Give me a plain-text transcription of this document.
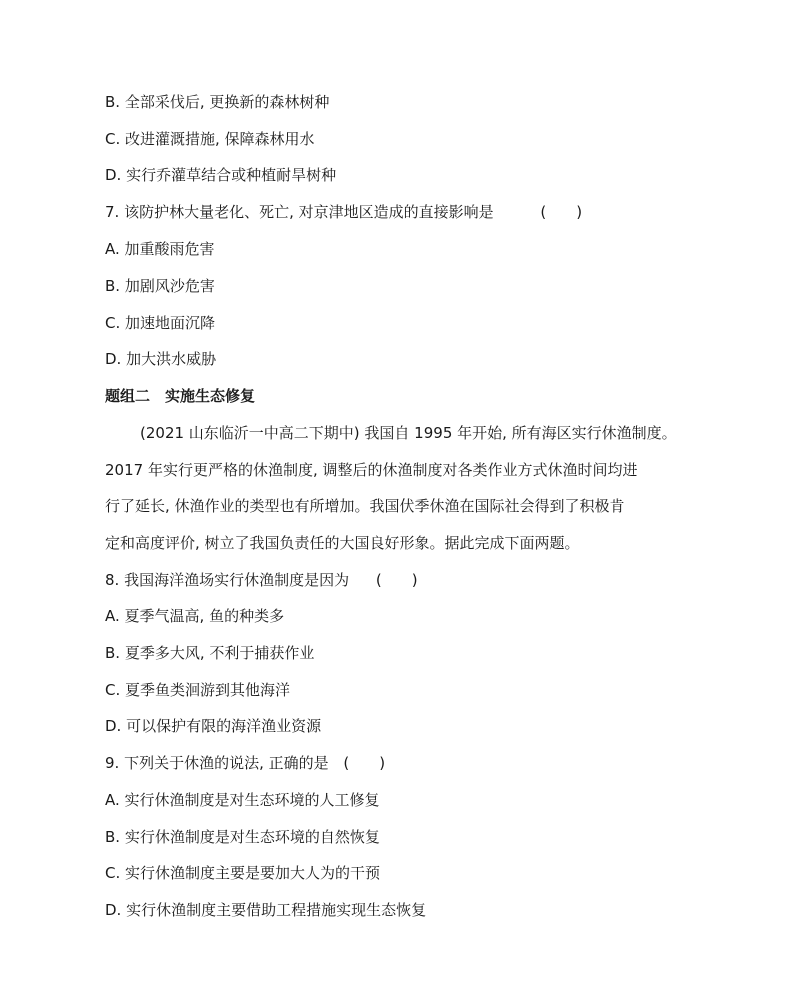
B. 全部采伐后, 更换新的森林树种
C. 改进灌溉措施, 保障森林用水
D. 实行乔灌草结合或种植耐旱树种
7. 该防护林大量老化、死亡, 对京津地区造成的直接影响是	(　　)
A. 加重酸雨危害
B. 加剧风沙危害
C. 加速地面沉降
D. 加大洪水威胁
题组二　实施生态修复
(2021 山东临沂一中高二下期中) 我国自 1995 年开始, 所有海区实行休渔制度。
2017 年实行更严格的休渔制度, 调整后的休渔制度对各类作业方式休渔时间均进
行了延长, 休渔作业的类型也有所增加。我国伏季休渔在国际社会得到了积极肯
定和高度评价, 树立了我国负责任的大国良好形象。据此完成下面两题。
8. 我国海洋渔场实行休渔制度是因为 (　　)
A. 夏季气温高, 鱼的种类多
B. 夏季多大风, 不利于捕获作业
C. 夏季鱼类洄游到其他海洋
D. 可以保护有限的海洋渔业资源
9. 下列关于休渔的说法, 正确的是 (　　)
A. 实行休渔制度是对生态环境的人工修复
B. 实行休渔制度是对生态环境的自然恢复
C. 实行休渔制度主要是要加大人为的干预
D. 实行休渔制度主要借助工程措施实现生态恢复
